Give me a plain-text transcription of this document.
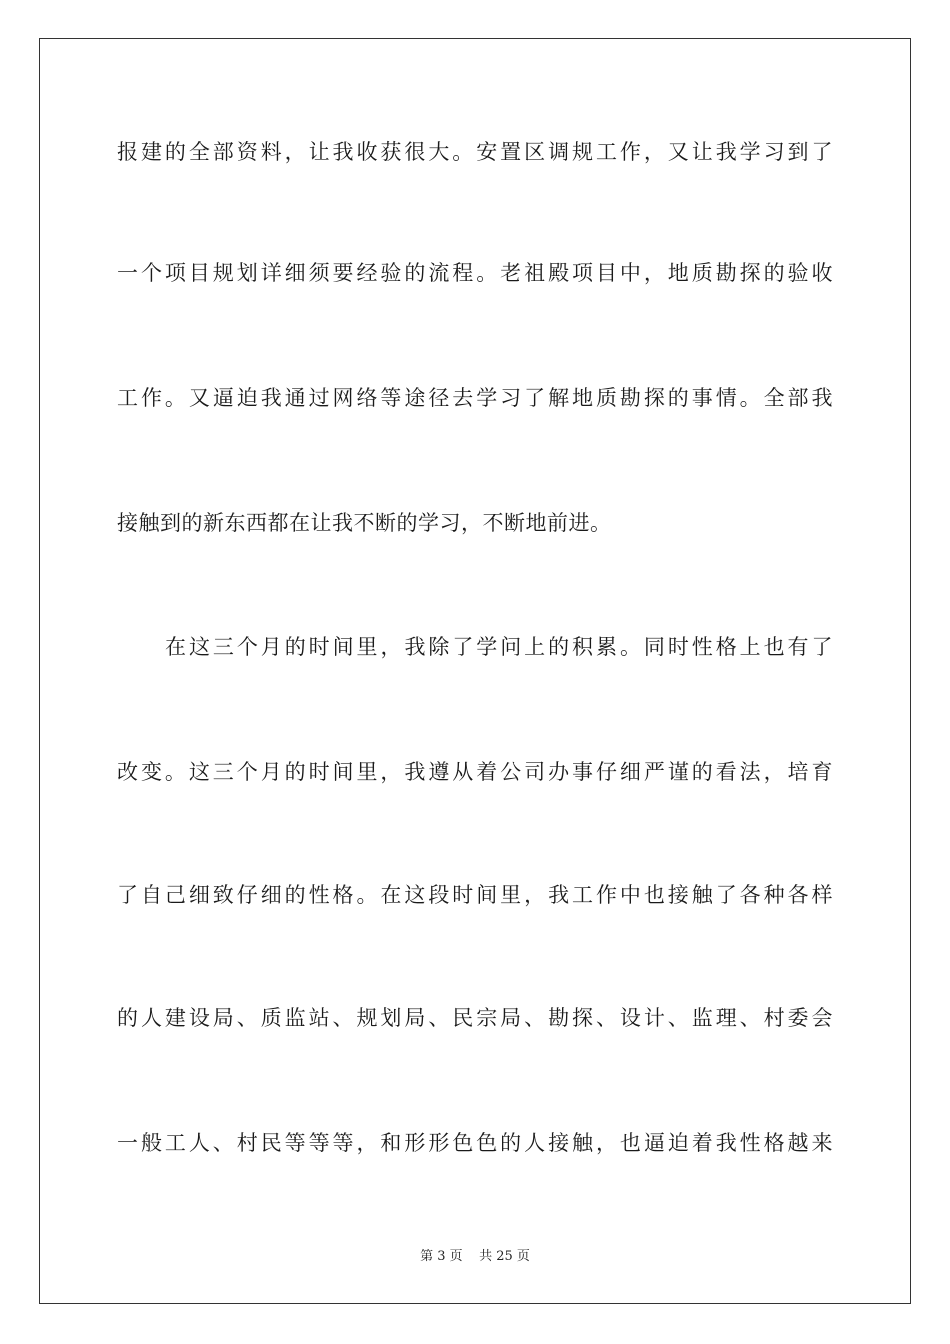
报建的全部资料，让我收获很大。安置区调规工作，又让我学习到了
一个项目规划详细须要经验的流程。老祖殿项目中，地质勘探的验收
工作。又逼迫我通过网络等途径去学习了解地质勘探的事情。全部我
接触到的新东西都在让我不断的学习，不断地前进。
在这三个月的时间里，我除了学问上的积累。同时性格上也有了
改变。这三个月的时间里，我遵从着公司办事仔细严谨的看法，培育
了自己细致仔细的性格。在这段时间里，我工作中也接触了各种各样
的人建设局、质监站、规划局、民宗局、勘探、设计、监理、村委会
一般工人、村民等等等，和形形色色的人接触，也逼迫着我性格越来
第 3 页    共 25 页
